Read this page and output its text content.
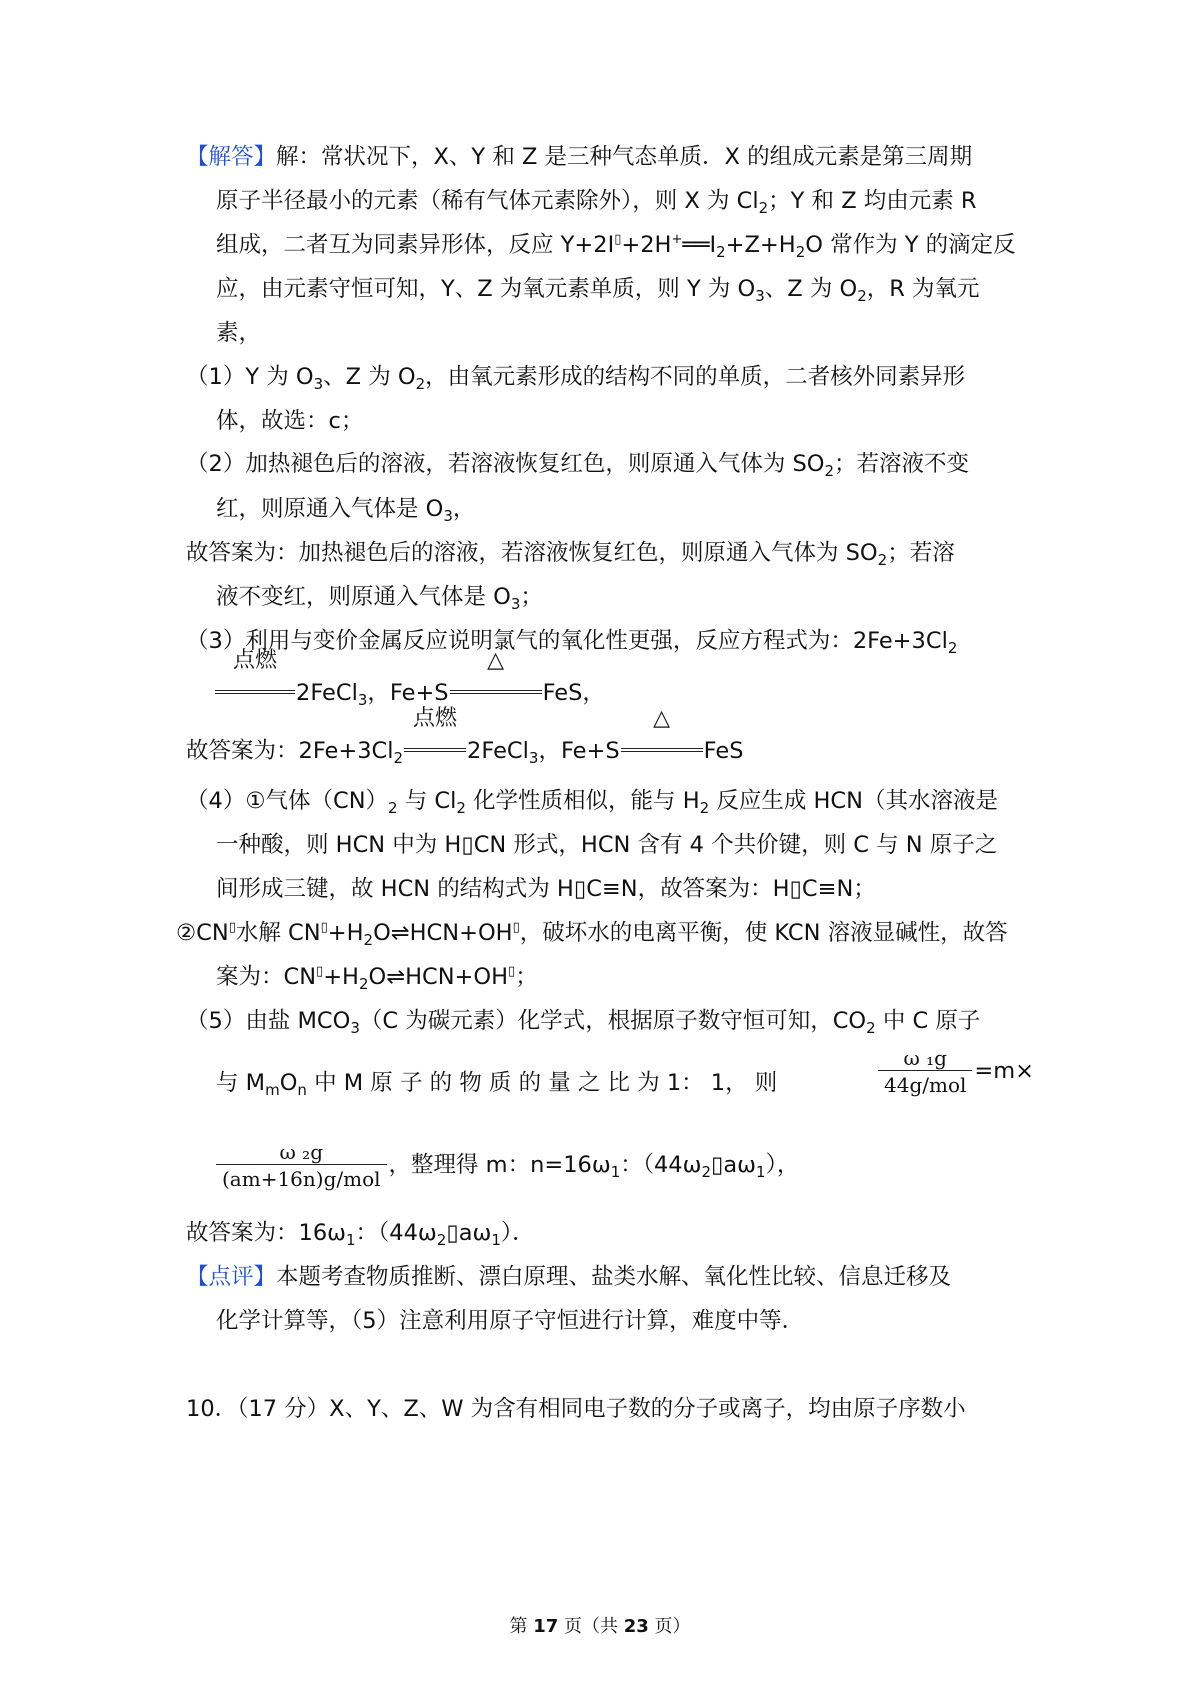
【解答】解：常状况下，X、Y 和 Z 是三种气态单质．X 的组成元素是第三周期
原子半径最小的元素（稀有气体元素除外），则 X 为 $Cl_2$；Y 和 Z 均由元素 R
组成，二者互为同素异形体，反应 $Y+2I^▯+2H^+══I_2+Z+H_2O$ 常作为 Y 的滴定反
应，由元素守恒可知，Y、Z 为氧元素单质，则 Y 为 $O_3$、Z 为 $O_2$，R 为氧元
素，
（1）Y 为 $O_3$、Z 为 $O_2$，由氧元素形成的结构不同的单质，二者核外同素异形
体，故选：c；
（2）加热褪色后的溶液，若溶液恢复红色，则原通入气体为 $SO_2$；若溶液不变
红，则原通入气体是 $O_3$，
故答案为：加热褪色后的溶液，若溶液恢复红色，则原通入气体为 $SO_2$；若溶
液不变红，则原通入气体是 $O_3$；
（3）利用与变价金属反应说明氯气的氧化性更强，反应方程式为：$2Fe+3Cl_2$
点燃
2FeCl$_3$，Fe+S
△
FeS，
故答案为：$2Fe+3Cl_2$
点燃
2FeCl$_3$，Fe+S
△
FeS
（4）①气体$(CN)_2$ 与 $Cl_2$ 化学性质相似，能与 $H_2$ 反应生成 HCN（其水溶液是
一种酸，则 HCN 中为 H▯CN 形式，HCN 含有 4 个共价键，则 C 与 N 原子之
间形成三键，故 HCN 的结构式为 H▯C≡N，故答案为：H▯C≡N；
②CN▯水解 $CN^▯+H_2O\rightleftharpoons HCN+OH^▯$，破坏水的电离平衡，使 KCN 溶液显碱性，故答
案为：$CN^▯+H_2O\rightleftharpoons HCN+OH^▯$；
（5）由盐 $MCO_3(C$ 为碳元素）化学式，根据原子数守恒可知，$CO_2$ 中 C 原子
与 $M_mO_n$ 中 M 原 子 的 物 质 的 量 之 比 为 1： 1， 则	$\frac{\text{ω ₁g}}{\text{44g/mol}} =m\times$
$\frac{\text{ω ₂g}}{\text{(am+16n)g/mol}}$ ，整理得 m：$n=16\omega_1$：$(44\omega_2▯a\omega_1)$，
故答案为：$16\omega_1$：$(44\omega_2▯a\omega_1)$．
【点评】本题考查物质推断、漂白原理、盐类水解、氧化性比较、信息迁移及
化学计算等，（5）注意利用原子守恒进行计算，难度中等．
10．（17 分）X、Y、Z、W 为含有相同电子数的分子或离子，均由原子序数小
第 17 页（共 23 页）
